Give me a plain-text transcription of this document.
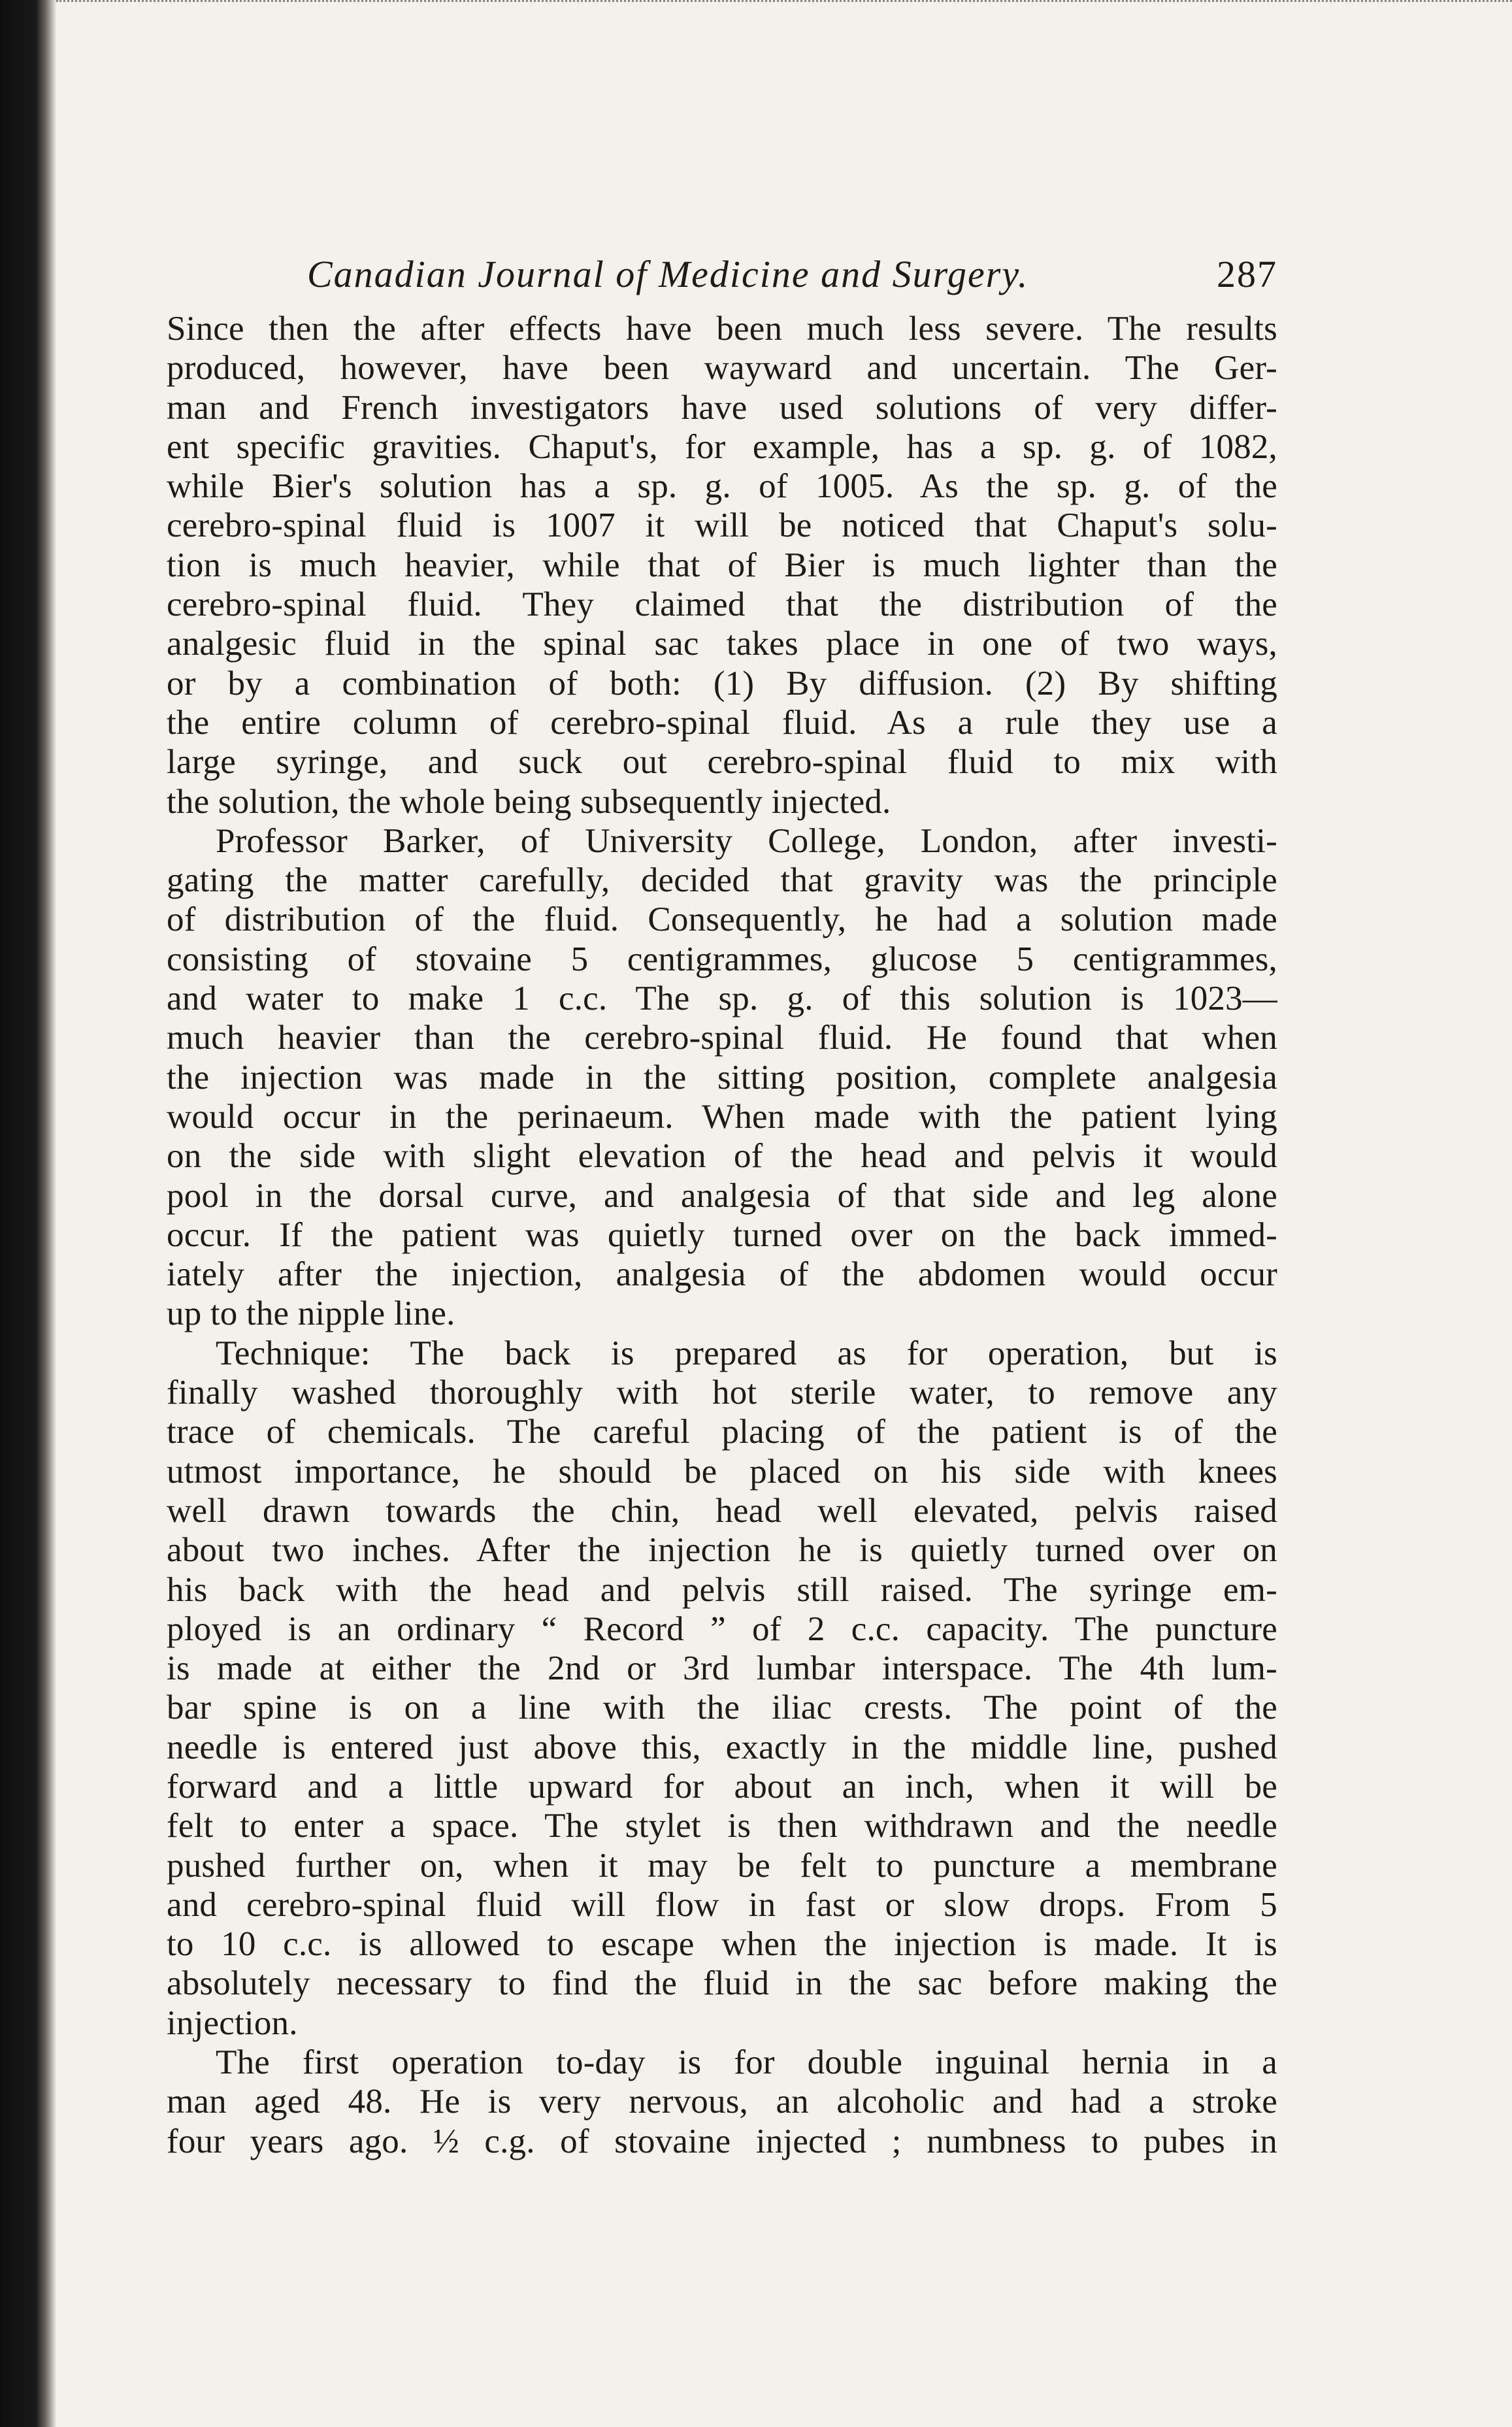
Canadian Journal of Medicine and Surgery.	287

Since then the after effects have been much less severe. The results
produced, however, have been wayward and uncertain. The Ger-
man and French investigators have used solutions of very differ-
ent specific gravities. Chaput's, for example, has a sp. g. of 1082,
while Bier's solution has a sp. g. of 1005. As the sp. g. of the
cerebro-spinal fluid is 1007 it will be noticed that Chaput's solu-
tion is much heavier, while that of Bier is much lighter than the
cerebro-spinal fluid. They claimed that the distribution of the
analgesic fluid in the spinal sac takes place in one of two ways,
or by a combination of both: (1) By diffusion. (2) By shifting
the entire column of cerebro-spinal fluid. As a rule they use a
large syringe, and suck out cerebro-spinal fluid to mix with
the solution, the whole being subsequently injected.

Professor Barker, of University College, London, after investi-
gating the matter carefully, decided that gravity was the principle
of distribution of the fluid. Consequently, he had a solution made
consisting of stovaine 5 centigrammes, glucose 5 centigrammes,
and water to make 1 c.c. The sp. g. of this solution is 1023—
much heavier than the cerebro-spinal fluid. He found that when
the injection was made in the sitting position, complete analgesia
would occur in the perinaeum. When made with the patient lying
on the side with slight elevation of the head and pelvis it would
pool in the dorsal curve, and analgesia of that side and leg alone
occur. If the patient was quietly turned over on the back immed-
iately after the injection, analgesia of the abdomen would occur
up to the nipple line.

Technique: The back is prepared as for operation, but is
finally washed thoroughly with hot sterile water, to remove any
trace of chemicals. The careful placing of the patient is of the
utmost importance, he should be placed on his side with knees
well drawn towards the chin, head well elevated, pelvis raised
about two inches. After the injection he is quietly turned over on
his back with the head and pelvis still raised. The syringe em-
ployed is an ordinary “ Record ” of 2 c.c. capacity. The puncture
is made at either the 2nd or 3rd lumbar interspace. The 4th lum-
bar spine is on a line with the iliac crests. The point of the
needle is entered just above this, exactly in the middle line, pushed
forward and a little upward for about an inch, when it will be
felt to enter a space. The stylet is then withdrawn and the needle
pushed further on, when it may be felt to puncture a membrane
and cerebro-spinal fluid will flow in fast or slow drops. From 5
to 10 c.c. is allowed to escape when the injection is made. It is
absolutely necessary to find the fluid in the sac before making the
injection.

The first operation to-day is for double inguinal hernia in a
man aged 48. He is very nervous, an alcoholic and had a stroke
four years ago. ½ c.g. of stovaine injected ; numbness to pubes in
